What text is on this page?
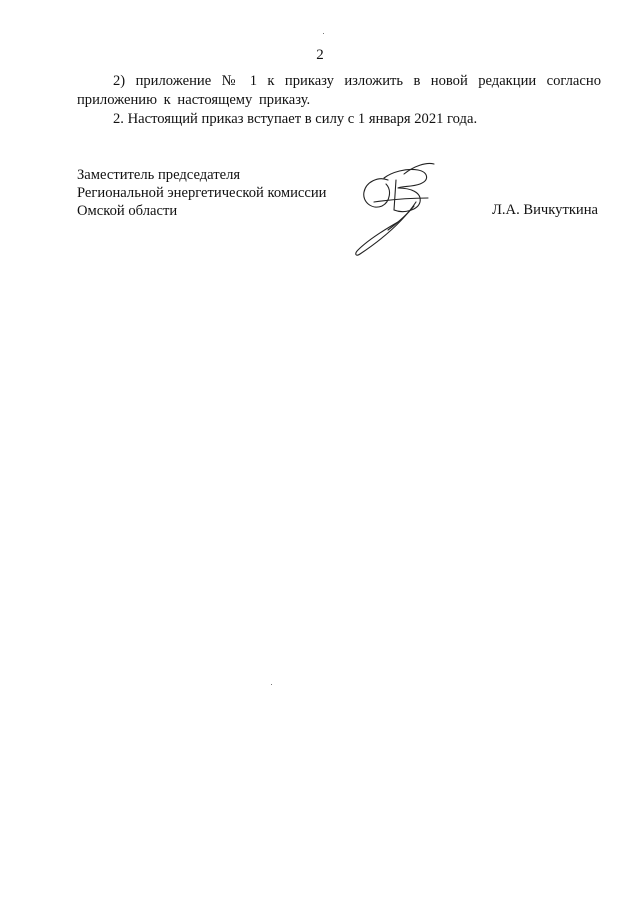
2

2) приложение № 1 к приказу изложить в новой редакции согласно приложению к настоящему приказу.

2. Настоящий приказ вступает в силу с 1 января 2021 года.

Заместитель председателя
Региональной энергетической комиссии
Омской области	Л.А. Вичкуткина
